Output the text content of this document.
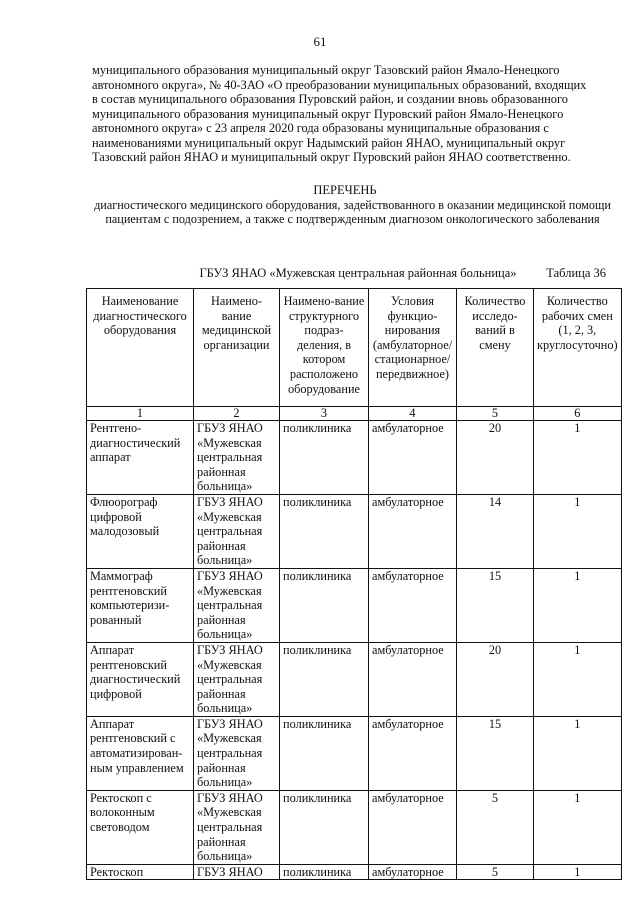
61

муниципального образования муниципальный округ Тазовский район Ямало-Ненецкого

автономного округа», № 40-ЗАО «О преобразовании муниципальных образований, входящих

в состав муниципального образования Пуровский район, и создании вновь образованного

муниципального образования муниципальный округ Пуровский район Ямало-Ненецкого

автономного округа» с 23 апреля 2020 года образованы муниципальные образования с

наименованиями муниципальный округ Надымский район ЯНАО, муниципальный округ

Тазовский район ЯНАО и муниципальный округ Пуровский район ЯНАО соответственно.

ПЕРЕЧЕНЬ
диагностического медицинского оборудования, задействованного в оказании медицинской помощи
пациентам с подозрением, а также с подтвержденным диагнозом онкологического заболевания
Таблица 36
ГБУЗ ЯНАО «Мужевская центральная районная больница»
Наименование диагностического оборудования	Наимено-вание медицинской организации	Наимено-вание структурного подраз-деления, в котором расположено оборудование	Условия функцио-нирования (амбулаторное/ стационарное/ передвижное)	Количество исследо-ваний в смену	Количество рабочих смен (1, 2, 3, круглосуточно)
1	2	3	4	5	6
Рентгено-диагностический аппарат	ГБУЗ ЯНАО «Мужевская центральная районная больница»	поликлиника	амбулаторное	20	1
Флюорограф цифровой малодозовый	ГБУЗ ЯНАО «Мужевская центральная районная больница»	поликлиника	амбулаторное	14	1
Маммограф рентгеновский компьютеризи-рованный	ГБУЗ ЯНАО «Мужевская центральная районная больница»	поликлиника	амбулаторное	15	1
Аппарат рентгеновский диагностический цифровой	ГБУЗ ЯНАО «Мужевская центральная районная больница»	поликлиника	амбулаторное	20	1
Аппарат рентгеновский с автоматизирован-ным управлением	ГБУЗ ЯНАО «Мужевская центральная районная больница»	поликлиника	амбулаторное	15	1
Ректоскоп с волоконным световодом	ГБУЗ ЯНАО «Мужевская центральная районная больница»	поликлиника	амбулаторное	5	1
Ректоскоп	ГБУЗ ЯНАО	поликлиника	амбулаторное	5	1
